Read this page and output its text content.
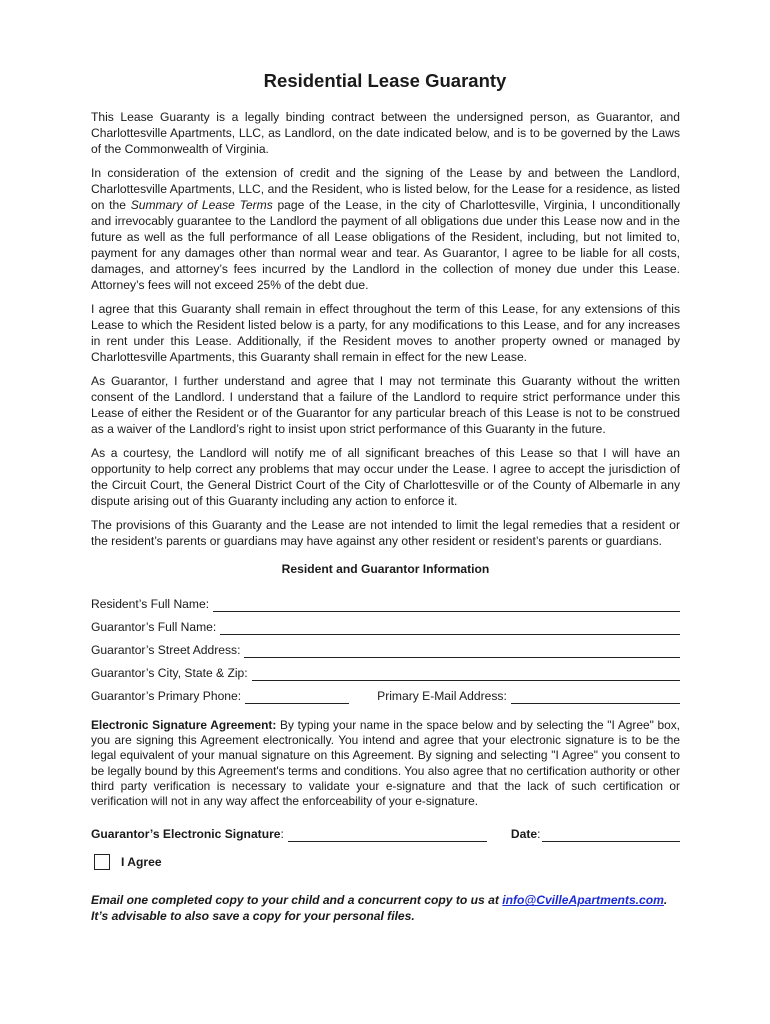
Residential Lease Guaranty

This Lease Guaranty is a legally binding contract between the undersigned person, as Guarantor, and Charlottesville Apartments, LLC, as Landlord, on the date indicated below, and is to be governed by the Laws of the Commonwealth of Virginia.

In consideration of the extension of credit and the signing of the Lease by and between the Landlord, Charlottesville Apartments, LLC, and the Resident, who is listed below, for the Lease for a residence, as listed on the Summary of Lease Terms page of the Lease, in the city of Charlottesville, Virginia, I unconditionally and irrevocably guarantee to the Landlord the payment of all obligations due under this Lease now and in the future as well as the full performance of all Lease obligations of the Resident, including, but not limited to, payment for any damages other than normal wear and tear. As Guarantor, I agree to be liable for all costs, damages, and attorney’s fees incurred by the Landlord in the collection of money due under this Lease. Attorney’s fees will not exceed 25% of the debt due.

I agree that this Guaranty shall remain in effect throughout the term of this Lease, for any extensions of this Lease to which the Resident listed below is a party, for any modifications to this Lease, and for any increases in rent under this Lease. Additionally, if the Resident moves to another property owned or managed by Charlottesville Apartments, this Guaranty shall remain in effect for the new Lease.

As Guarantor, I further understand and agree that I may not terminate this Guaranty without the written consent of the Landlord. I understand that a failure of the Landlord to require strict performance under this Lease of either the Resident or of the Guarantor for any particular breach of this Lease is not to be construed as a waiver of the Landlord’s right to insist upon strict performance of this Guaranty in the future.

As a courtesy, the Landlord will notify me of all significant breaches of this Lease so that I will have an opportunity to help correct any problems that may occur under the Lease. I agree to accept the jurisdiction of the Circuit Court, the General District Court of the City of Charlottesville or of the County of Albemarle in any dispute arising out of this Guaranty including any action to enforce it.

The provisions of this Guaranty and the Lease are not intended to limit the legal remedies that a resident or the resident’s parents or guardians may have against any other resident or resident’s parents or guardians.

Resident and Guarantor Information
Resident’s Full Name:
Guarantor’s Full Name:
Guarantor’s Street Address:
Guarantor’s City, State & Zip:
Guarantor’s Primary Phone:	Primary E-Mail Address:
Electronic Signature Agreement: By typing your name in the space below and by selecting the "I Agree" box, you are signing this Agreement electronically. You intend and agree that your electronic signature is to be the legal equivalent of your manual signature on this Agreement. By signing and selecting "I Agree" you consent to be legally bound by this Agreement's terms and conditions. You also agree that no certification authority or other third party verification is necessary to validate your e-signature and that the lack of such certification or verification will not in any way affect the enforceability of your e-signature.
Guarantor’s Electronic Signature :	Date :
I Agree
Email one completed copy to your child and a concurrent copy to us at info@CvilleApartments.com.
It’s advisable to also save a copy for your personal files.
